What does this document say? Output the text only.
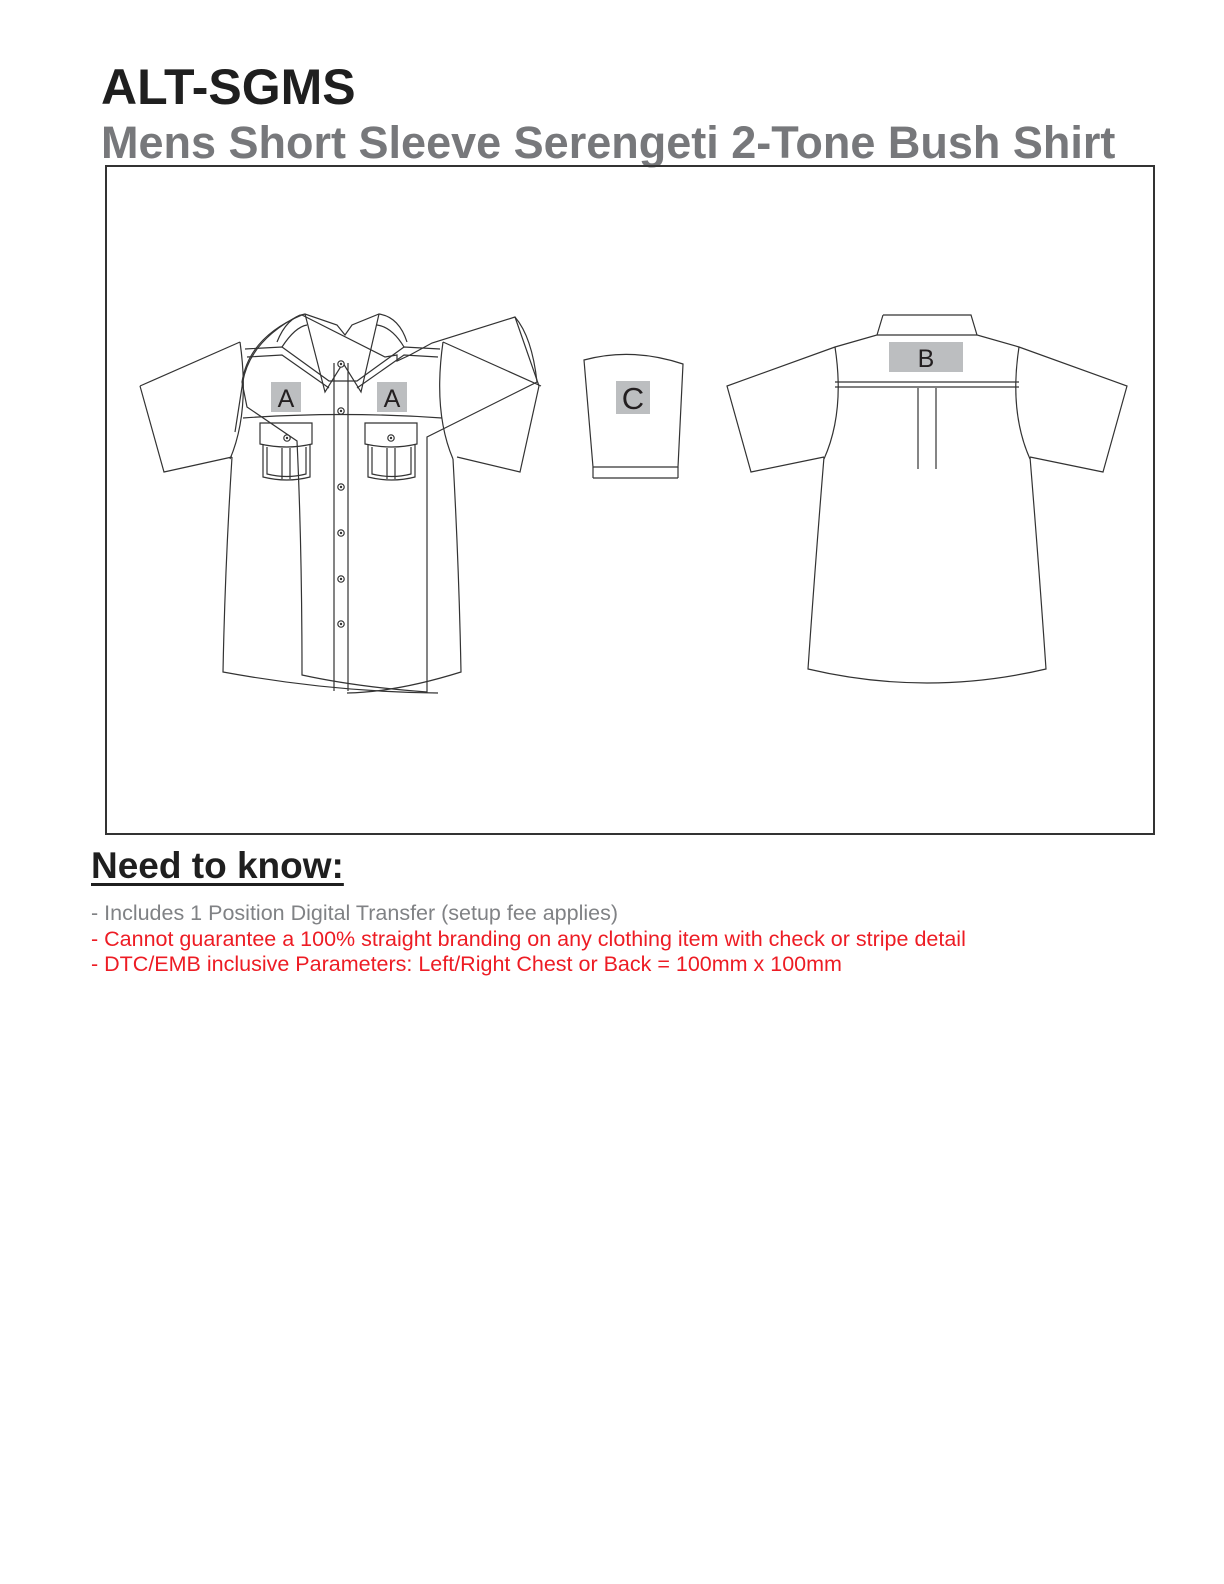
ALT-SGMS
Mens Short Sleeve Serengeti 2-Tone Bush Shirt
A	A	C
B
Need to know:
- Includes 1 Position Digital Transfer (setup fee applies)
- Cannot guarantee a 100% straight branding on any clothing item with check or stripe detail
- DTC/EMB inclusive Parameters: Left/Right Chest or Back = 100mm x 100mm
